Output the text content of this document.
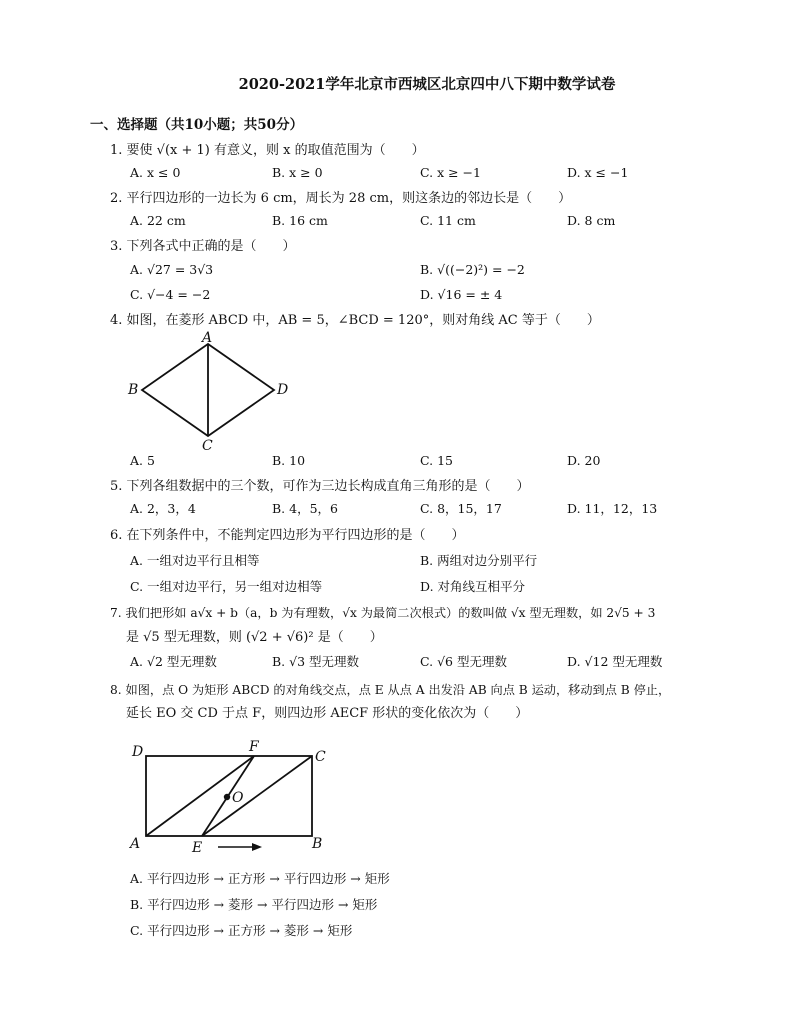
2020-2021学年北京市西城区北京四中八下期中数学试卷
一、选择题（共10小题；共50分）
1. 要使 √(x + 1) 有意义，则 x 的取值范围为（　　）
A. x ≤ 0	B. x ≥ 0	C. x ≥ −1	D. x ≤ −1
2. 平行四边形的一边长为 6 cm，周长为 28 cm，则这条边的邻边长是（　　）
A. 22 cm	B. 16 cm	C. 11 cm	D. 8 cm
3. 下列各式中正确的是（　　）
A. √27 = 3√3	B. √((−2)²) = −2
C. √−4 = −2	D. √16 = ± 4
4. 如图，在菱形 ABCD 中，AB = 5，∠BCD = 120°，则对角线 AC 等于（　　）
A
B
C
D
A. 5	B. 10	C. 15	D. 20
5. 下列各组数据中的三个数，可作为三边长构成直角三角形的是（　　）
A. 2，3，4	B. 4，5，6	C. 8，15，17	D. 11，12，13
6. 在下列条件中，不能判定四边形为平行四边形的是（　　）
A. 一组对边平行且相等	B. 两组对边分别平行
C. 一组对边平行，另一组对边相等	D. 对角线互相平分
7. 我们把形如 a√x + b（a，b 为有理数，√x 为最简二次根式）的数叫做 √x 型无理数，如 2√5 + 3
是 √5 型无理数，则 (√2 + √6)² 是（　　）
A. √2 型无理数	B. √3 型无理数	C. √6 型无理数	D. √12 型无理数
8. 如图，点 O 为矩形 ABCD 的对角线交点，点 E 从点 A 出发沿 AB 向点 B 运动，移动到点 B 停止，
延长 EO 交 CD 于点 F，则四边形 AECF 形状的变化依次为（　　）
D	F
C
O
A	E	B
A. 平行四边形 → 正方形 → 平行四边形 → 矩形
B. 平行四边形 → 菱形 → 平行四边形 → 矩形
C. 平行四边形 → 正方形 → 菱形 → 矩形
